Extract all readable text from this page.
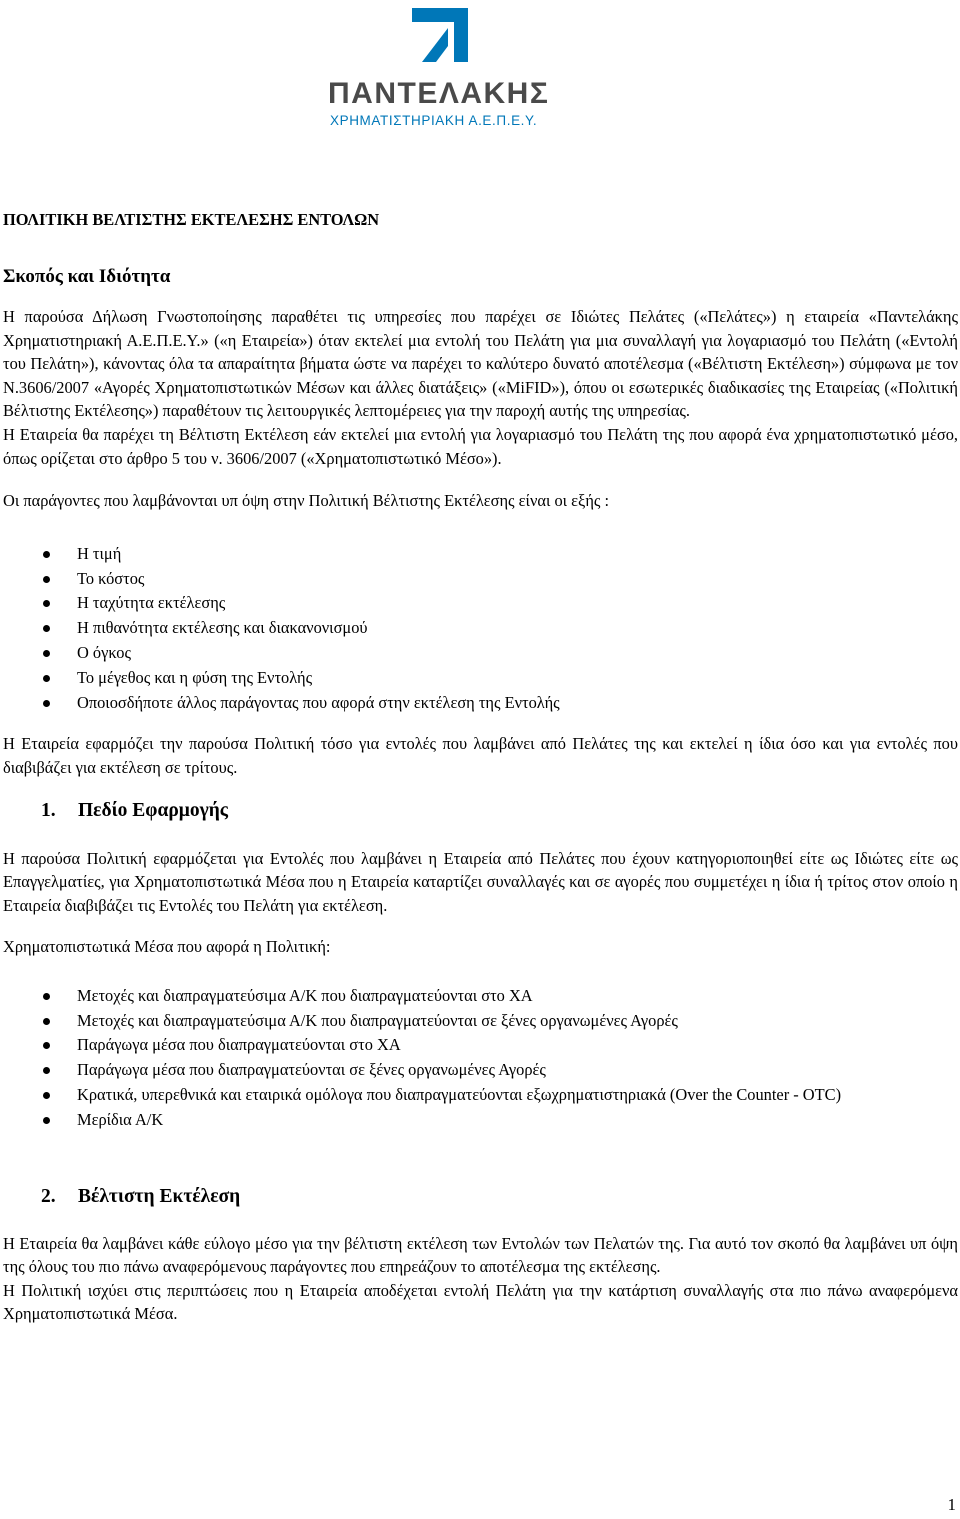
ΠΑΝΤΕΛΑΚΗΣ
ΧΡΗΜΑΤΙΣΤΗΡΙΑΚΗ Α.Ε.Π.Ε.Υ.
ΠΟΛΙΤΙΚΗ ΒΕΛΤΙΣΤΗΣ ΕΚΤΕΛΕΣΗΣ ΕΝΤΟΛΩΝ
Σκοπός και Ιδιότητα

Η παρούσα Δήλωση Γνωστοποίησης παραθέτει τις υπηρεσίες που παρέχει σε Ιδιώτες Πελάτες («Πελάτες») η εταιρεία «Παντελάκης Χρηματιστηριακή Α.Ε.Π.Ε.Υ.» («η Εταιρεία») όταν εκτελεί μια εντολή του Πελάτη για μια συναλλαγή για λογαριασμό του Πελάτη («Εντολή του Πελάτη»), κάνοντας όλα τα απαραίτητα βήματα ώστε να παρέχει το καλύτερο δυνατό αποτέλεσμα («Βέλτιστη Εκτέλεση») σύμφωνα με τον Ν.3606/2007 «Αγορές Χρηματοπιστωτικών Μέσων και άλλες διατάξεις» («MiFID»), όπου οι εσωτερικές διαδικασίες της Εταιρείας («Πολιτική Βέλτιστης Εκτέλεσης») παραθέτουν τις λειτουργικές λεπτομέρειες για την παροχή αυτής της υπηρεσίας.

Η Εταιρεία θα παρέχει τη Βέλτιστη Εκτέλεση εάν εκτελεί μια εντολή για λογαριασμό του Πελάτη της που αφορά ένα χρηματοπιστωτικό μέσο, όπως ορίζεται στο άρθρο 5 του ν. 3606/2007 («Χρηματοπιστωτικό Μέσο»).

Οι παράγοντες που λαμβάνονται υπ όψη στην Πολιτική Βέλτιστης Εκτέλεσης είναι οι εξής :

Η τιμή
Το κόστος
Η ταχύτητα εκτέλεσης
Η πιθανότητα εκτέλεσης και διακανονισμού
Ο όγκος
Το μέγεθος και η φύση της Εντολής
Οποιοσδήποτε άλλος παράγοντας που αφορά στην εκτέλεση της Εντολής

Η Εταιρεία εφαρμόζει την παρούσα Πολιτική τόσο για εντολές που λαμβάνει από Πελάτες της και εκτελεί η ίδια όσο και για εντολές που διαβιβάζει για εκτέλεση σε τρίτους.

1. Πεδίο Εφαρμογής

Η παρούσα Πολιτική εφαρμόζεται για Εντολές που λαμβάνει η Εταιρεία από Πελάτες που έχουν κατηγοριοποιηθεί είτε ως Ιδιώτες είτε ως Επαγγελματίες, για Χρηματοπιστωτικά Μέσα που η Εταιρεία καταρτίζει συναλλαγές και σε αγορές που συμμετέχει η ίδια ή τρίτος στον οποίο η Εταιρεία διαβιβάζει τις Εντολές του Πελάτη για εκτέλεση.

Χρηματοπιστωτικά Μέσα που αφορά η Πολιτική:

Μετοχές και διαπραγματεύσιμα Α/Κ που διαπραγματεύονται στο ΧΑ
Μετοχές και διαπραγματεύσιμα Α/Κ που διαπραγματεύονται σε ξένες οργανωμένες Αγορές
Παράγωγα μέσα που διαπραγματεύονται στο ΧΑ
Παράγωγα μέσα που διαπραγματεύονται σε ξένες οργανωμένες Αγορές
Κρατικά, υπερεθνικά και εταιρικά ομόλογα που διαπραγματεύονται εξωχρηματιστηριακά (Over the Counter - OTC)
Μερίδια Α/Κ
2. Βέλτιστη Εκτέλεση

Η Εταιρεία θα λαμβάνει κάθε εύλογο μέσο για την βέλτιστη εκτέλεση των Εντολών των Πελατών της. Για αυτό τον σκοπό θα λαμβάνει υπ όψη της όλους του πιο πάνω αναφερόμενους παράγοντες που επηρεάζουν το αποτέλεσμα της εκτέλεσης.

Η Πολιτική ισχύει στις περιπτώσεις που η Εταιρεία αποδέχεται εντολή Πελάτη για την κατάρτιση συναλλαγής στα πιο πάνω αναφερόμενα Χρηματοπιστωτικά Μέσα.

1
